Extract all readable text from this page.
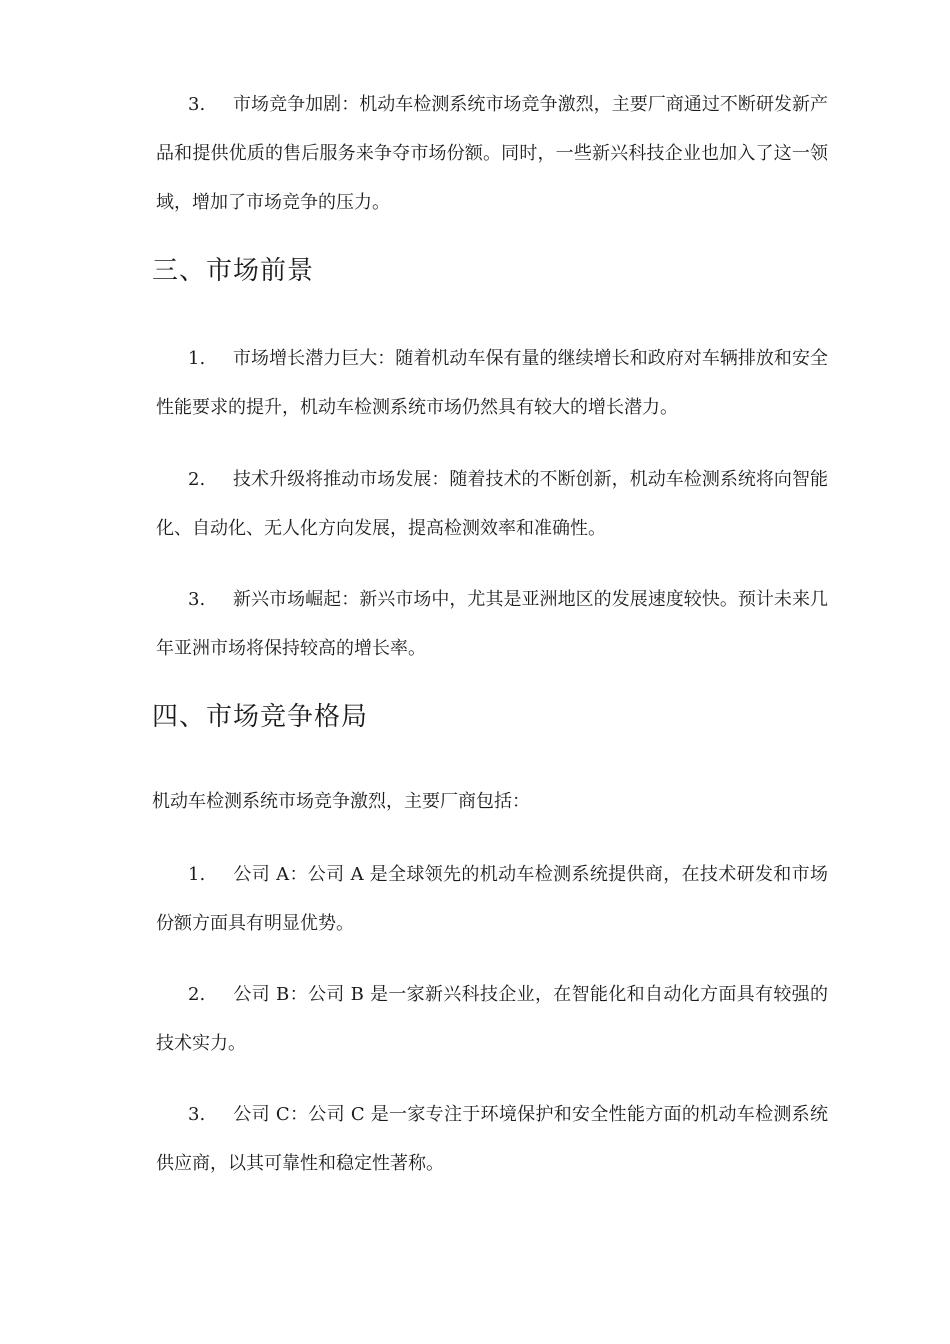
3. 市场竞争加剧：机动车检测系统市场竞争激烈，主要厂商通过不断研发新产品和提供优质的售后服务来争夺市场份额。同时，一些新兴科技企业也加入了这一领域，增加了市场竞争的压力。

三、市场前景

1. 市场增长潜力巨大：随着机动车保有量的继续增长和政府对车辆排放和安全性能要求的提升，机动车检测系统市场仍然具有较大的增长潜力。

2. 技术升级将推动市场发展：随着技术的不断创新，机动车检测系统将向智能化、自动化、无人化方向发展，提高检测效率和准确性。

3. 新兴市场崛起：新兴市场中，尤其是亚洲地区的发展速度较快。预计未来几年亚洲市场将保持较高的增长率。

四、市场竞争格局

机动车检测系统市场竞争激烈，主要厂商包括：

1. 公司 A：公司 A 是全球领先的机动车检测系统提供商，在技术研发和市场份额方面具有明显优势。

2. 公司 B：公司 B 是一家新兴科技企业，在智能化和自动化方面具有较强的技术实力。

3. 公司 C：公司 C 是一家专注于环境保护和安全性能方面的机动车检测系统供应商，以其可靠性和稳定性著称。
